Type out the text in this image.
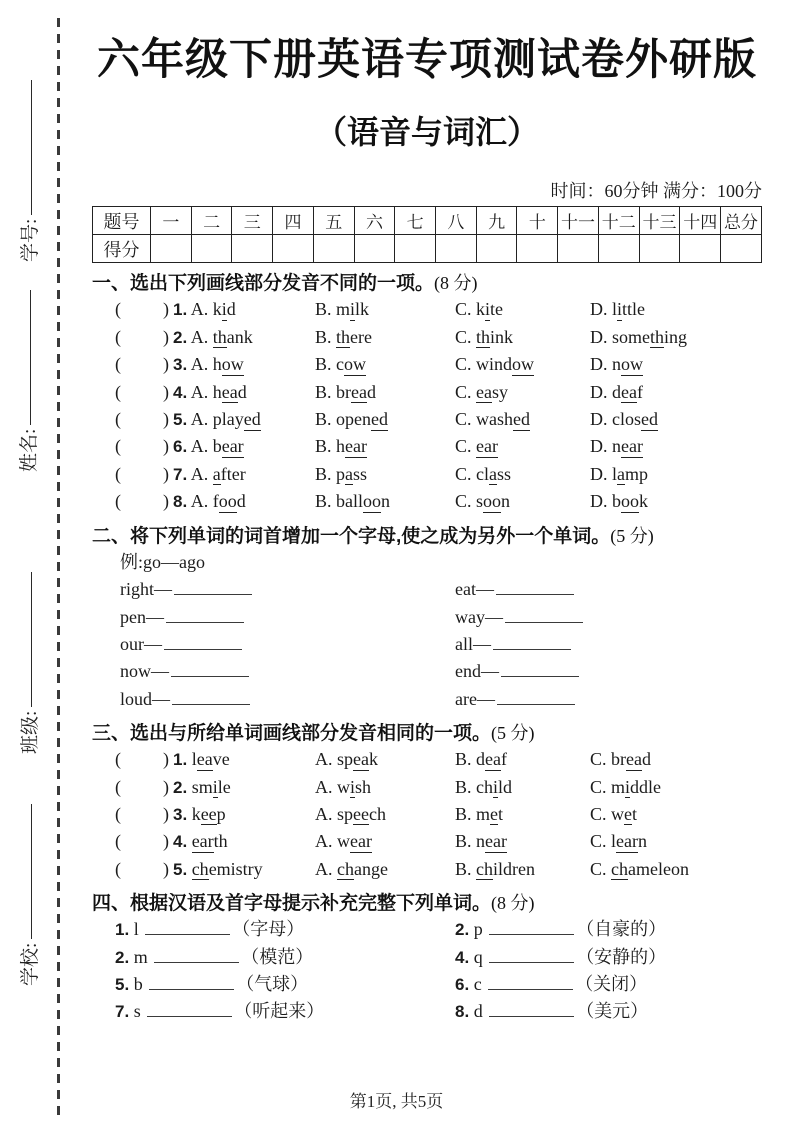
学号:
姓名:
班级:
学校:
六年级下册英语专项测试卷外研版
（语音与词汇）
时间：60分钟 满分：100分
题号	一	二	三	四	五	六	七	八	九	十	十一	十二	十三	十四	总分
得分															
一、选出下列画线部分发音不同的一项。(8 分)
( ) 1. A. kid	B. milk	C. kite	D. little
( ) 2. A. thank	B. there	C. think	D. something
( ) 3. A. how	B. cow	C. window	D. now
( ) 4. A. head	B. bread	C. easy	D. deaf
( ) 5. A. played	B. opened	C. washed	D. closed
( ) 6. A. bear	B. hear	C. ear	D. near
( ) 7. A. after	B. pass	C. class	D. lamp
( ) 8. A. food	B. balloon	C. soon	D. book
二、将下列单词的词首增加一个字母,使之成为另外一个单词。(5 分)
例:go—ago
right—	eat—
pen—	way—
our—	all—
now—	end—
loud—	are—
三、选出与所给单词画线部分发音相同的一项。(5 分)
( ) 1. leave	A. speak	B. deaf	C. bread
( ) 2. smile	A. wish	B. child	C. middle
( ) 3. keep	A. speech	B. met	C. wet
( ) 4. earth	A. wear	B. near	C. learn
( ) 5. chemistry	A. change	B. children	C. chameleon
四、根据汉语及首字母提示补充完整下列单词。(8 分)
1. l	（字母）	2. p	（自豪的）
2. m	（模范）	4. q	（安静的）
5. b	（气球）	6. c	（关闭）
7. s	（听起来）	8. d	（美元）
第1页, 共5页
